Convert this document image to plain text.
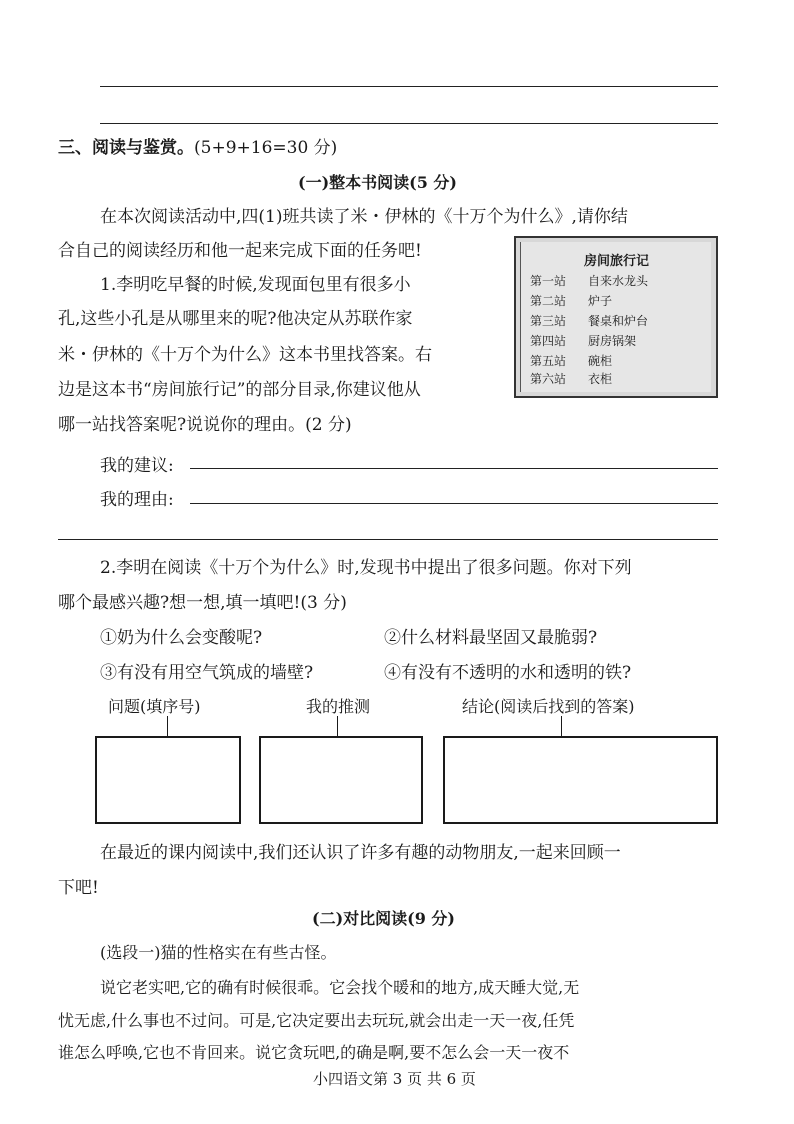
三、阅读与鉴赏。(5+9+16=30 分)
(一)整本书阅读(5 分)
在本次阅读活动中,四(1)班共读了米・伊林的《十万个为什么》,请你结
合自己的阅读经历和他一起来完成下面的任务吧!
1.李明吃早餐的时候,发现面包里有很多小
孔,这些小孔是从哪里来的呢?他决定从苏联作家
米・伊林的《十万个为什么》这本书里找答案。右
边是这本书“房间旅行记”的部分目录,你建议他从
哪一站找答案呢?说说你的理由。(2 分)
房间旅行记
第一站 自来水龙头
第二站 炉子
第三站 餐桌和炉台
第四站 厨房锅架
第五站 碗柜
第六站 衣柜
我的建议:
我的理由:
2.李明在阅读《十万个为什么》时,发现书中提出了很多问题。你对下列
哪个最感兴趣?想一想,填一填吧!(3 分)
①奶为什么会变酸呢?	②什么材料最坚固又最脆弱?
③有没有用空气筑成的墙壁?	④有没有不透明的水和透明的铁?
问题(填序号)	我的推测	结论(阅读后找到的答案)
在最近的课内阅读中,我们还认识了许多有趣的动物朋友,一起来回顾一
下吧!
(二)对比阅读(9 分)
(选段一)猫的性格实在有些古怪。
说它老实吧,它的确有时候很乖。它会找个暖和的地方,成天睡大觉,无
忧无虑,什么事也不过问。可是,它决定要出去玩玩,就会出走一天一夜,任凭
谁怎么呼唤,它也不肯回来。说它贪玩吧,的确是啊,要不怎么会一天一夜不
小四语文第 3 页 共 6 页
